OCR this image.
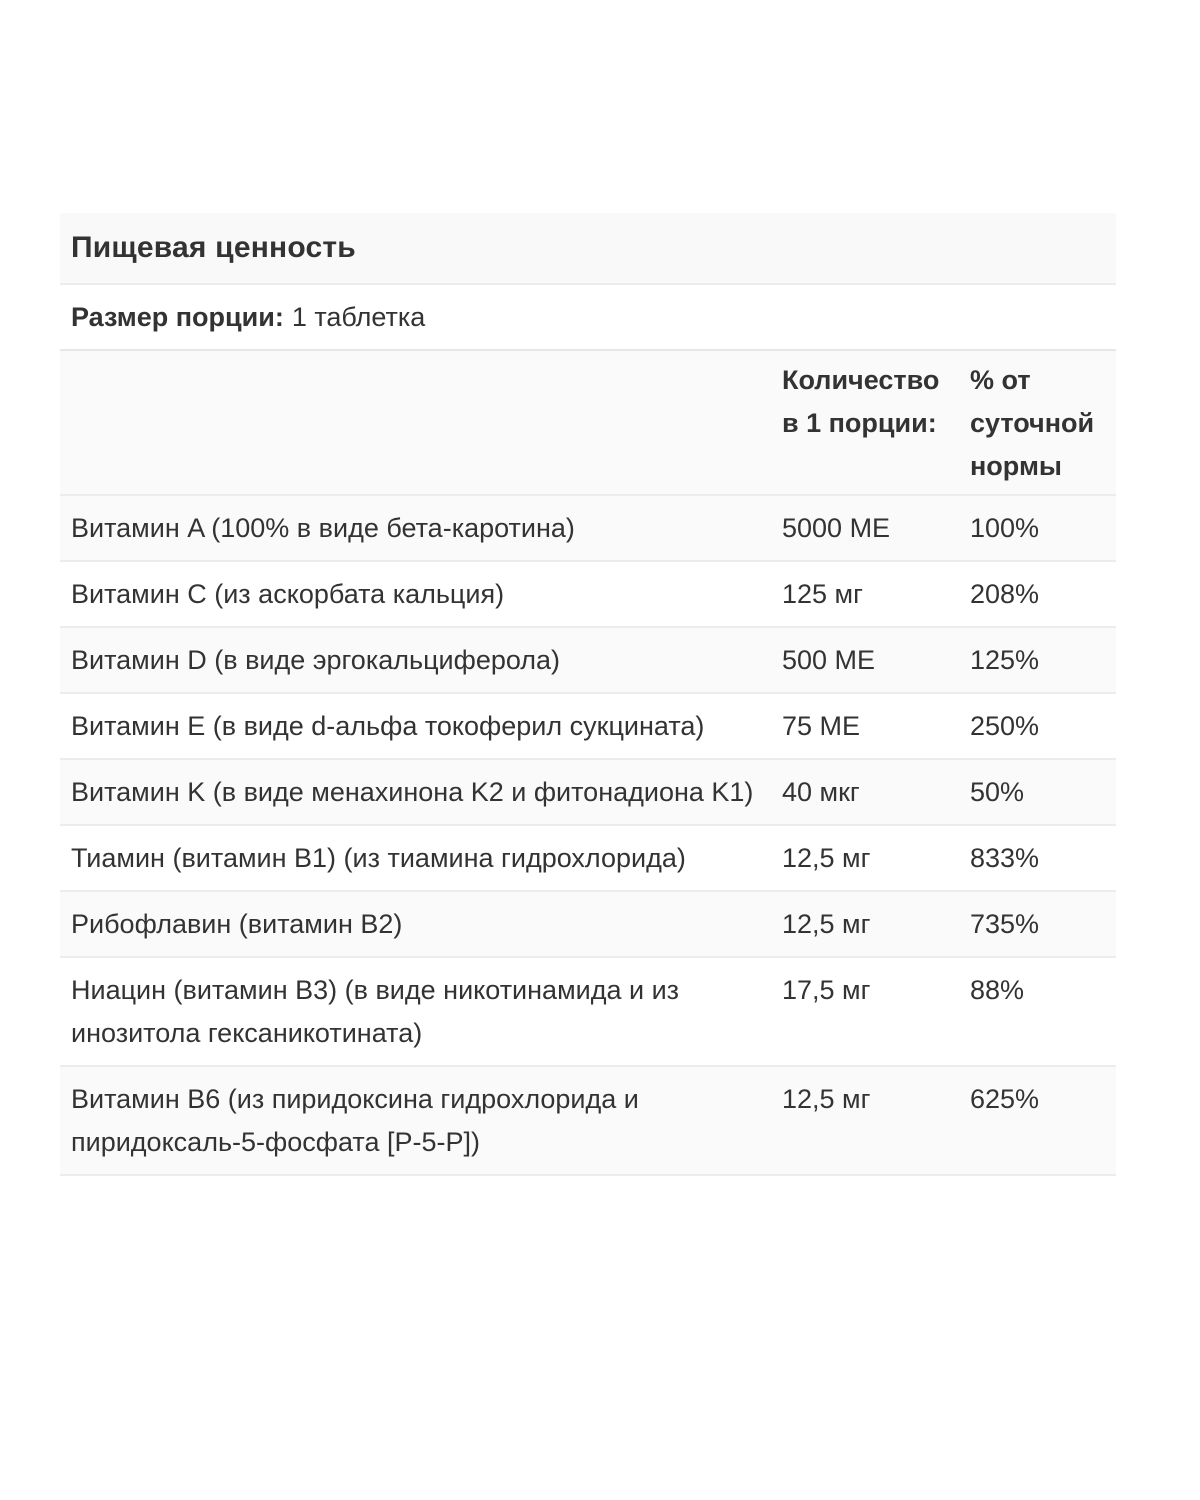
Пищевая ценность
Размер порции: 1 таблетка
	Количество в 1 порции:	% от суточной нормы
Витамин A (100% в виде бета-каротина)	5000 МЕ	100%
Витамин C (из аскорбата кальция)	125 мг	208%
Витамин D (в виде эргокальциферола)	500 МЕ	125%
Витамин E (в виде d-альфа токоферил сукцината)	75 МЕ	250%
Витамин K (в виде менахинона K2 и фитонадиона K1)	40 мкг	50%
Тиамин (витамин B1) (из тиамина гидрохлорида)	12,5 мг	833%
Рибофлавин (витамин B2)	12,5 мг	735%
Ниацин (витамин B3) (в виде никотинамида и из инозитола гексаникотината)	17,5 мг	88%
Витамин B6 (из пиридоксина гидрохлорида и пиридоксаль-5-фосфата [P-5-P])	12,5 мг	625%
